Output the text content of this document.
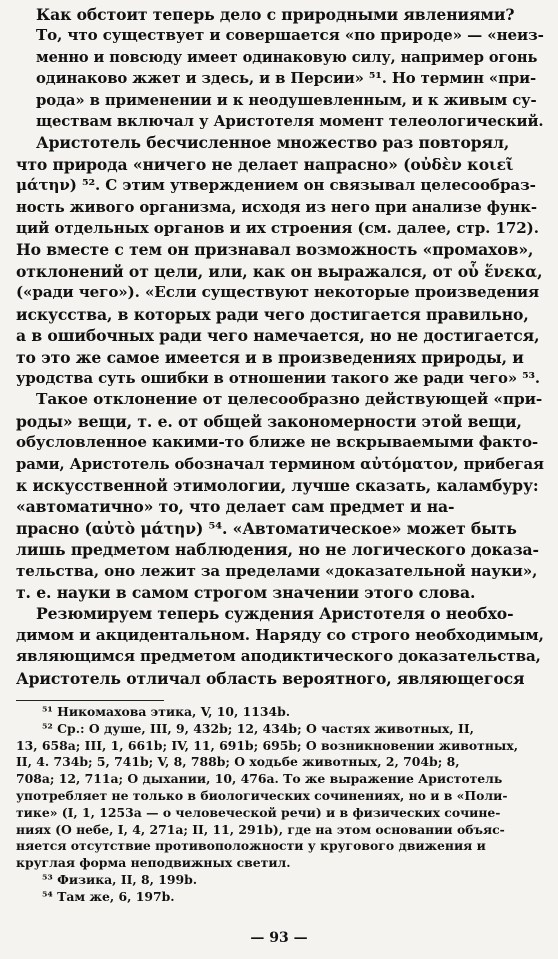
Как обстоит теперь дело с природными явлениями?
То, что существует и совершается «по природе» — «неиз-
менно и повсюду имеет одинаковую силу, например огонь
одинаково жжет и здесь, и в Персии» ⁵¹. Но термин «при-
рода» в применении и к неодушевленным, и к живым су-
ществам включал у Аристотеля момент телеологический.

Аристотель бесчисленное множество раз повторял,
что природа «ничего не делает напрасно» (οὐδὲν κοιεῖ
μάτην) ⁵². С этим утверждением он связывал целесообраз-
ность живого организма, исходя из него при анализе функ-
ций отдельных органов и их строения (см. далее, стр. 172).
Но вместе с тем он признавал возможность «промахов»,
отклонений от цели, или, как он выражался, от οὗ ἕνεκα,
(«ради чего»). «Если существуют некоторые произведения
искусства, в которых ради чего достигается правильно,
а в ошибочных ради чего намечается, но не достигается,
то это же самое имеется и в произведениях природы, и
уродства суть ошибки в отношении такого же ради чего» ⁵³.

Такое отклонение от целесообразно действующей «при-
роды» вещи, т. е. от общей закономерности этой вещи,
обусловленное какими-то ближе не вскрываемыми факто-
рами, Аристотель обозначал термином αὐτόματον, прибегая
к искусственной этимологии, лучше сказать, каламбуру:
«автоматично» то, что делает сам предмет и на-
прасно (αὐτὸ μάτην) ⁵⁴. «Автоматическое» может быть
лишь предметом наблюдения, но не логического доказа-
тельства, оно лежит за пределами «доказательной науки»,
т. е. науки в самом строгом значении этого слова.

Резюмируем теперь суждения Аристотеля о необхо-
димом и акцидентальном. Наряду со строго необходимым,
являющимся предметом аподиктического доказательства,
Аристотель отличал область вероятного, являющегося

⁵¹ Никомахова этика, V, 10, 1134b.
⁵² Ср.: О душе, III, 9, 432b; 12, 434b; О частях животных, II,
13, 658a; III, 1, 661b; IV, 11, 691b; 695b; О возникновении животных,
II, 4. 734b; 5, 741b; V, 8, 788b; О ходьбе животных, 2, 704b; 8,
708a; 12, 711a; О дыхании, 10, 476a. То же выражение Аристотель
употребляет не только в биологических сочинениях, но и в «Поли-
тике» (I, 1, 1253a — о человеческой речи) и в физических сочине-
ниях (О небе, I, 4, 271a; II, 11, 291b), где на этом основании объяс-
няется отсутствие противоположности у кругового движения и
круглая форма неподвижных светил.
⁵³ Физика, II, 8, 199b.
⁵⁴ Там же, 6, 197b.
— 93 —
